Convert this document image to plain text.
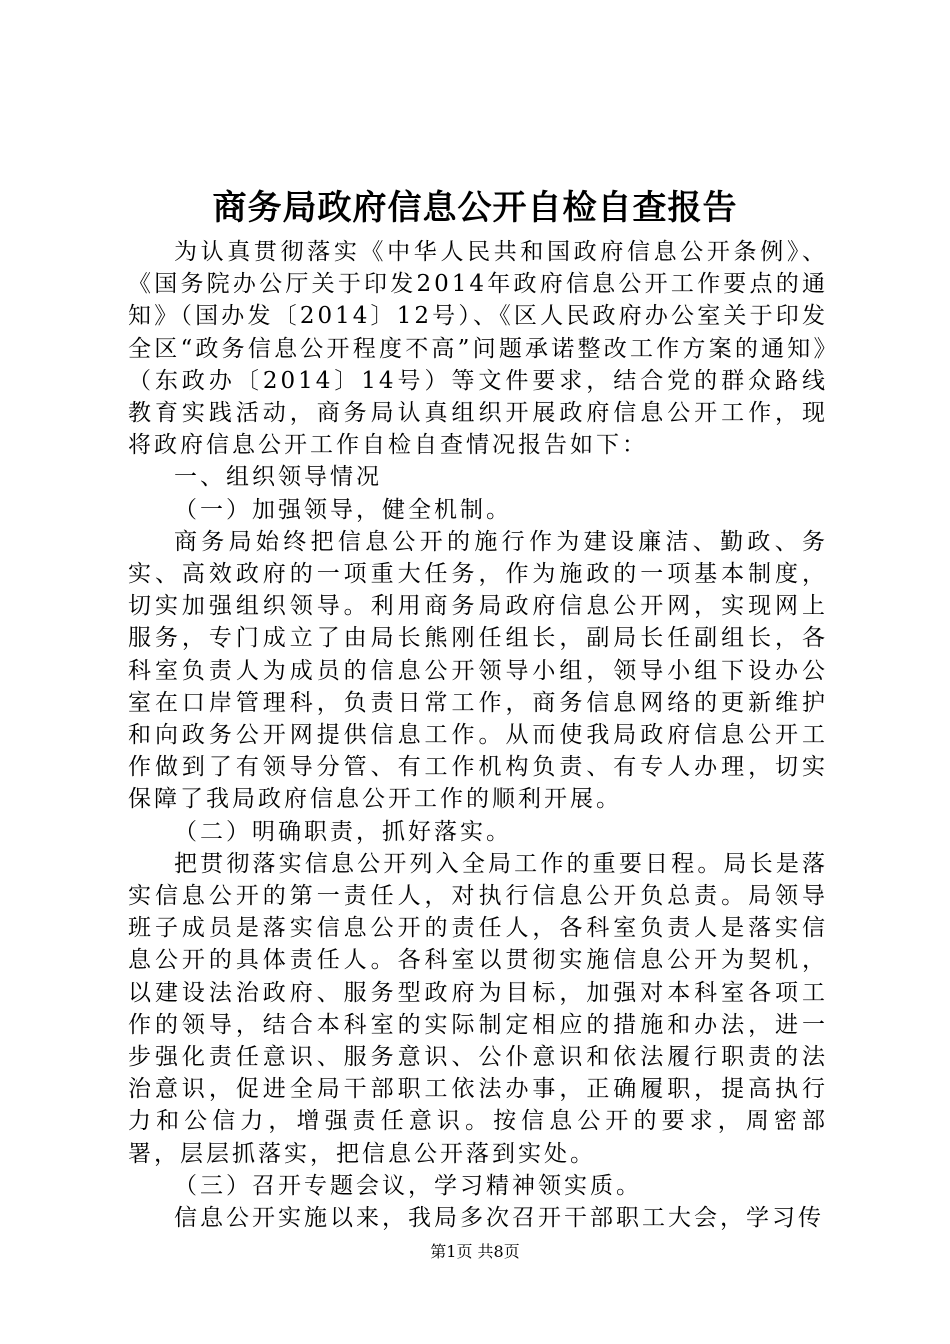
商务局政府信息公开自检自查报告

为认真贯彻落实《中华人民共和国政府信息公开条例》、《国务院办公厅关于印发2014年政府信息公开工作要点的通知》（国办发〔2014〕12号）、《区人民政府办公室关于印发全区“政务信息公开程度不高”问题承诺整改工作方案的通知》（东政办〔2014〕14号）等文件要求，结合党的群众路线教育实践活动，商务局认真组织开展政府信息公开工作，现将政府信息公开工作自检自查情况报告如下：

一、组织领导情况

（一）加强领导，健全机制。

商务局始终把信息公开的施行作为建设廉洁、勤政、务实、高效政府的一项重大任务，作为施政的一项基本制度，切实加强组织领导。利用商务局政府信息公开网，实现网上服务，专门成立了由局长熊刚任组长，副局长任副组长，各科室负责人为成员的信息公开领导小组，领导小组下设办公室在口岸管理科，负责日常工作，商务信息网络的更新维护和向政务公开网提供信息工作。从而使我局政府信息公开工作做到了有领导分管、有工作机构负责、有专人办理，切实保障了我局政府信息公开工作的顺利开展。

（二）明确职责，抓好落实。

把贯彻落实信息公开列入全局工作的重要日程。局长是落实信息公开的第一责任人，对执行信息公开负总责。局领导班子成员是落实信息公开的责任人，各科室负责人是落实信息公开的具体责任人。各科室以贯彻实施信息公开为契机，以建设法治政府、服务型政府为目标，加强对本科室各项工作的领导，结合本科室的实际制定相应的措施和办法，进一步强化责任意识、服务意识、公仆意识和依法履行职责的法治意识，促进全局干部职工依法办事，正确履职，提高执行力和公信力，增强责任意识。按信息公开的要求，周密部署，层层抓落实，把信息公开落到实处。

（三）召开专题会议，学习精神领实质。

信息公开实施以来，我局多次召开干部职工大会，学习传

第1页 共8页
